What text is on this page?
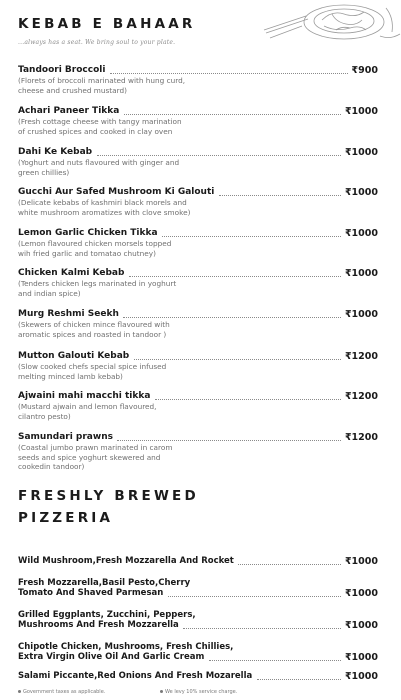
KEBAB E BAHAAR
...always has a seat. We bring soul to your plate.
Tandoori Broccoli
(Florets of broccoli marinated with hung curd,
cheese and crushed mustard)
₹900
Achari Paneer Tikka
(Fresh cottage cheese with tangy marination
of crushed spices and cooked in clay oven
₹1000
Dahi Ke Kebab
(Yoghurt and nuts flavoured with ginger and
green chillies)
₹1000
Gucchi Aur Safed Mushroom Ki Galouti
(Delicate kebabs of kashmiri black morels and
white mushroom aromatizes with clove smoke)
₹1000
Lemon Garlic Chicken Tikka
(Lemon flavoured chicken morsels topped
wih fried garlic and tomatao chutney)
₹1000
Chicken Kalmi Kebab
(Tenders chicken legs marinated in yoghurt
and indian spice)
₹1000
Murg Reshmi Seekh
(Skewers of chicken mince flavoured with
aromatic spices and roasted in tandoor )
₹1000
Mutton Galouti Kebab
(Slow cooked chefs special spice infused
melting minced lamb kebab)
₹1200
Ajwaini mahi macchi tikka
(Mustard ajwain and lemon flavoured,
cilantro pesto)
₹1200
Samundari prawns
(Coastal jumbo prawn marinated in carom
seeds and spice yoghurt skewered and
cookedin tandoor)
₹1200
FRESHLY BREWED
PIZZERIA
Wild Mushroom,Fresh Mozzarella And Rocket	₹1000
Fresh Mozzarella,Basil Pesto,Cherry
Tomato And Shaved Parmesan	₹1000
Grilled Eggplants, Zucchini, Peppers,
Mushrooms And Fresh Mozzarella	₹1000
Chipotle Chicken, Mushrooms, Fresh Chillies,
Extra Virgin Olive Oil And Garlic Cream	₹1000
Salami Piccante,Red Onions And Fresh Mozarella	₹1000
Government taxes as applicable.	We levy 10% service charge.
